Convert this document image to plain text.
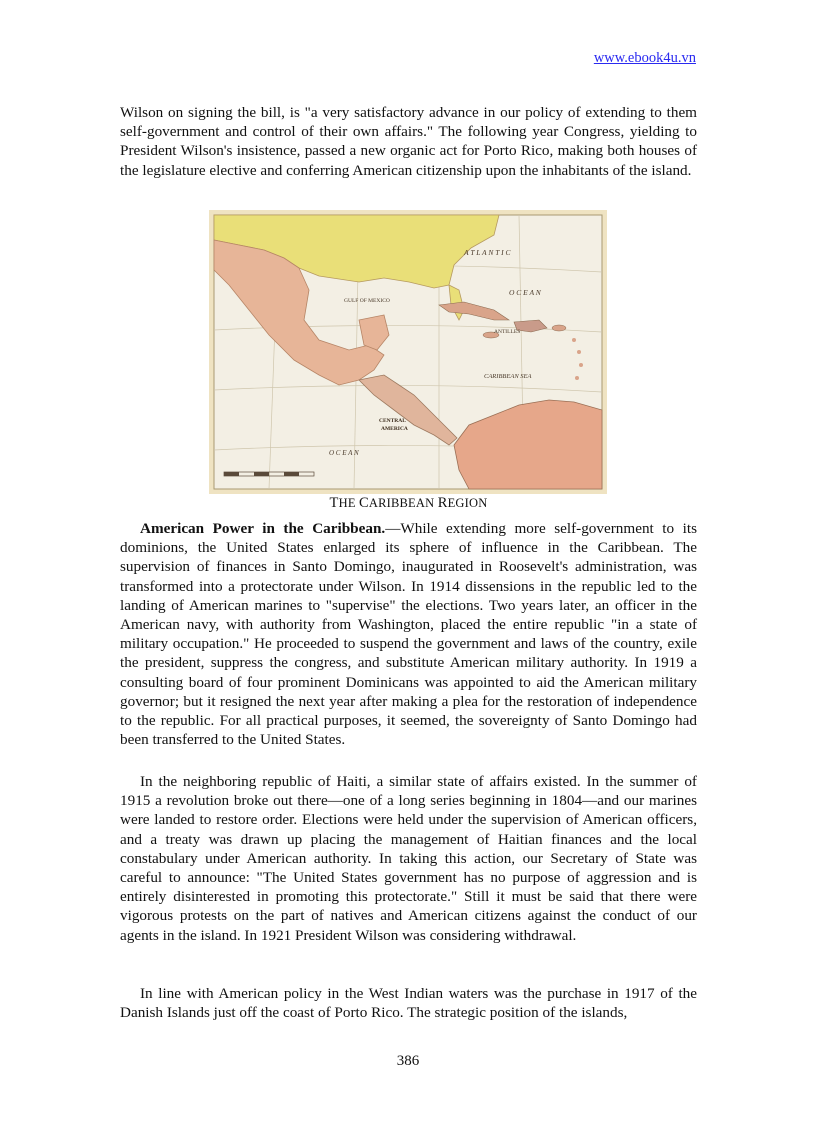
www.ebook4u.vn

Wilson on signing the bill, is "a very satisfactory advance in our policy of extending to them self-government and control of their own affairs." The following year Congress, yielding to President Wilson's insistence, passed a new organic act for Porto Rico, making both houses of the legislature elective and conferring American citizenship upon the inhabitants of the island.

A T L A N T I C
O C E A N
GULF OF MEXICO
ANTILLES
CARIBBEAN SEA
CENTRAL
AMERICA
O C E A N
THE CARIBBEAN REGION

American Power in the Caribbean.—While extending more self-government to its dominions, the United States enlarged its sphere of influence in the Caribbean. The supervision of finances in Santo Domingo, inaugurated in Roosevelt's administration, was transformed into a protectorate under Wilson. In 1914 dissensions in the republic led to the landing of American marines to "supervise" the elections. Two years later, an officer in the American navy, with authority from Washington, placed the entire republic "in a state of military occupation." He proceeded to suspend the government and laws of the country, exile the president, suppress the congress, and substitute American military authority. In 1919 a consulting board of four prominent Dominicans was appointed to aid the American military governor; but it resigned the next year after making a plea for the restoration of independence to the republic. For all practical purposes, it seemed, the sovereignty of Santo Domingo had been transferred to the United States.

In the neighboring republic of Haiti, a similar state of affairs existed. In the summer of 1915 a revolution broke out there—one of a long series beginning in 1804—and our marines were landed to restore order. Elections were held under the supervision of American officers, and a treaty was drawn up placing the management of Haitian finances and the local constabulary under American authority. In taking this action, our Secretary of State was careful to announce: "The United States government has no purpose of aggression and is entirely disinterested in promoting this protectorate." Still it must be said that there were vigorous protests on the part of natives and American citizens against the conduct of our agents in the island. In 1921 President Wilson was considering withdrawal.

In line with American policy in the West Indian waters was the purchase in 1917 of the Danish Islands just off the coast of Porto Rico. The strategic position of the islands,

386
